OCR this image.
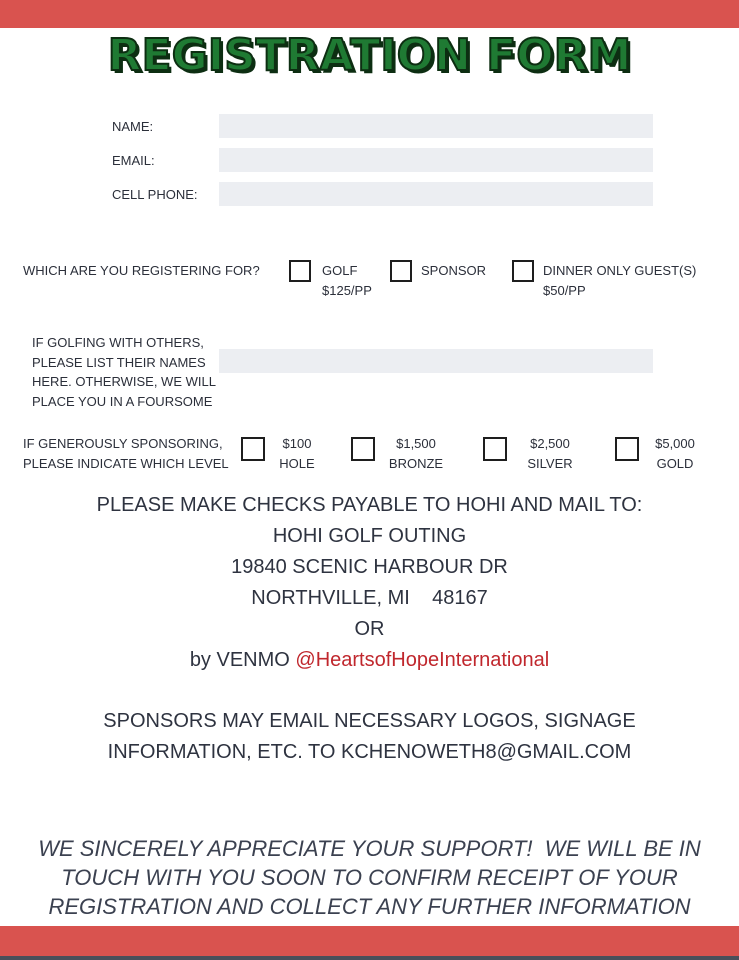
REGISTRATION FORM
NAME:
EMAIL:
CELL PHONE:
WHICH ARE YOU REGISTERING FOR?	GOLF
$125/PP
SPONSOR	DINNER ONLY GUEST(S)
$50/PP
IF GOLFING WITH OTHERS,
PLEASE LIST THEIR NAMES
HERE. OTHERWISE, WE WILL
PLACE YOU IN A FOURSOME
IF GENEROUSLY SPONSORING,
PLEASE INDICATE WHICH LEVEL
$100
HOLE
$1,500
BRONZE
$2,500
SILVER
$5,000
GOLD
PLEASE MAKE CHECKS PAYABLE TO HOHI AND MAIL TO:
HOHI GOLF OUTING
19840 SCENIC HARBOUR DR
NORTHVILLE, MI    48167
OR
by VENMO @HeartsofHopeInternational
SPONSORS MAY EMAIL NECESSARY LOGOS, SIGNAGE
INFORMATION, ETC. TO KCHENOWETH8@GMAIL.COM
WE SINCERELY APPRECIATE YOUR SUPPORT!  WE WILL BE IN
TOUCH WITH YOU SOON TO CONFIRM RECEIPT OF YOUR
REGISTRATION AND COLLECT ANY FURTHER INFORMATION
